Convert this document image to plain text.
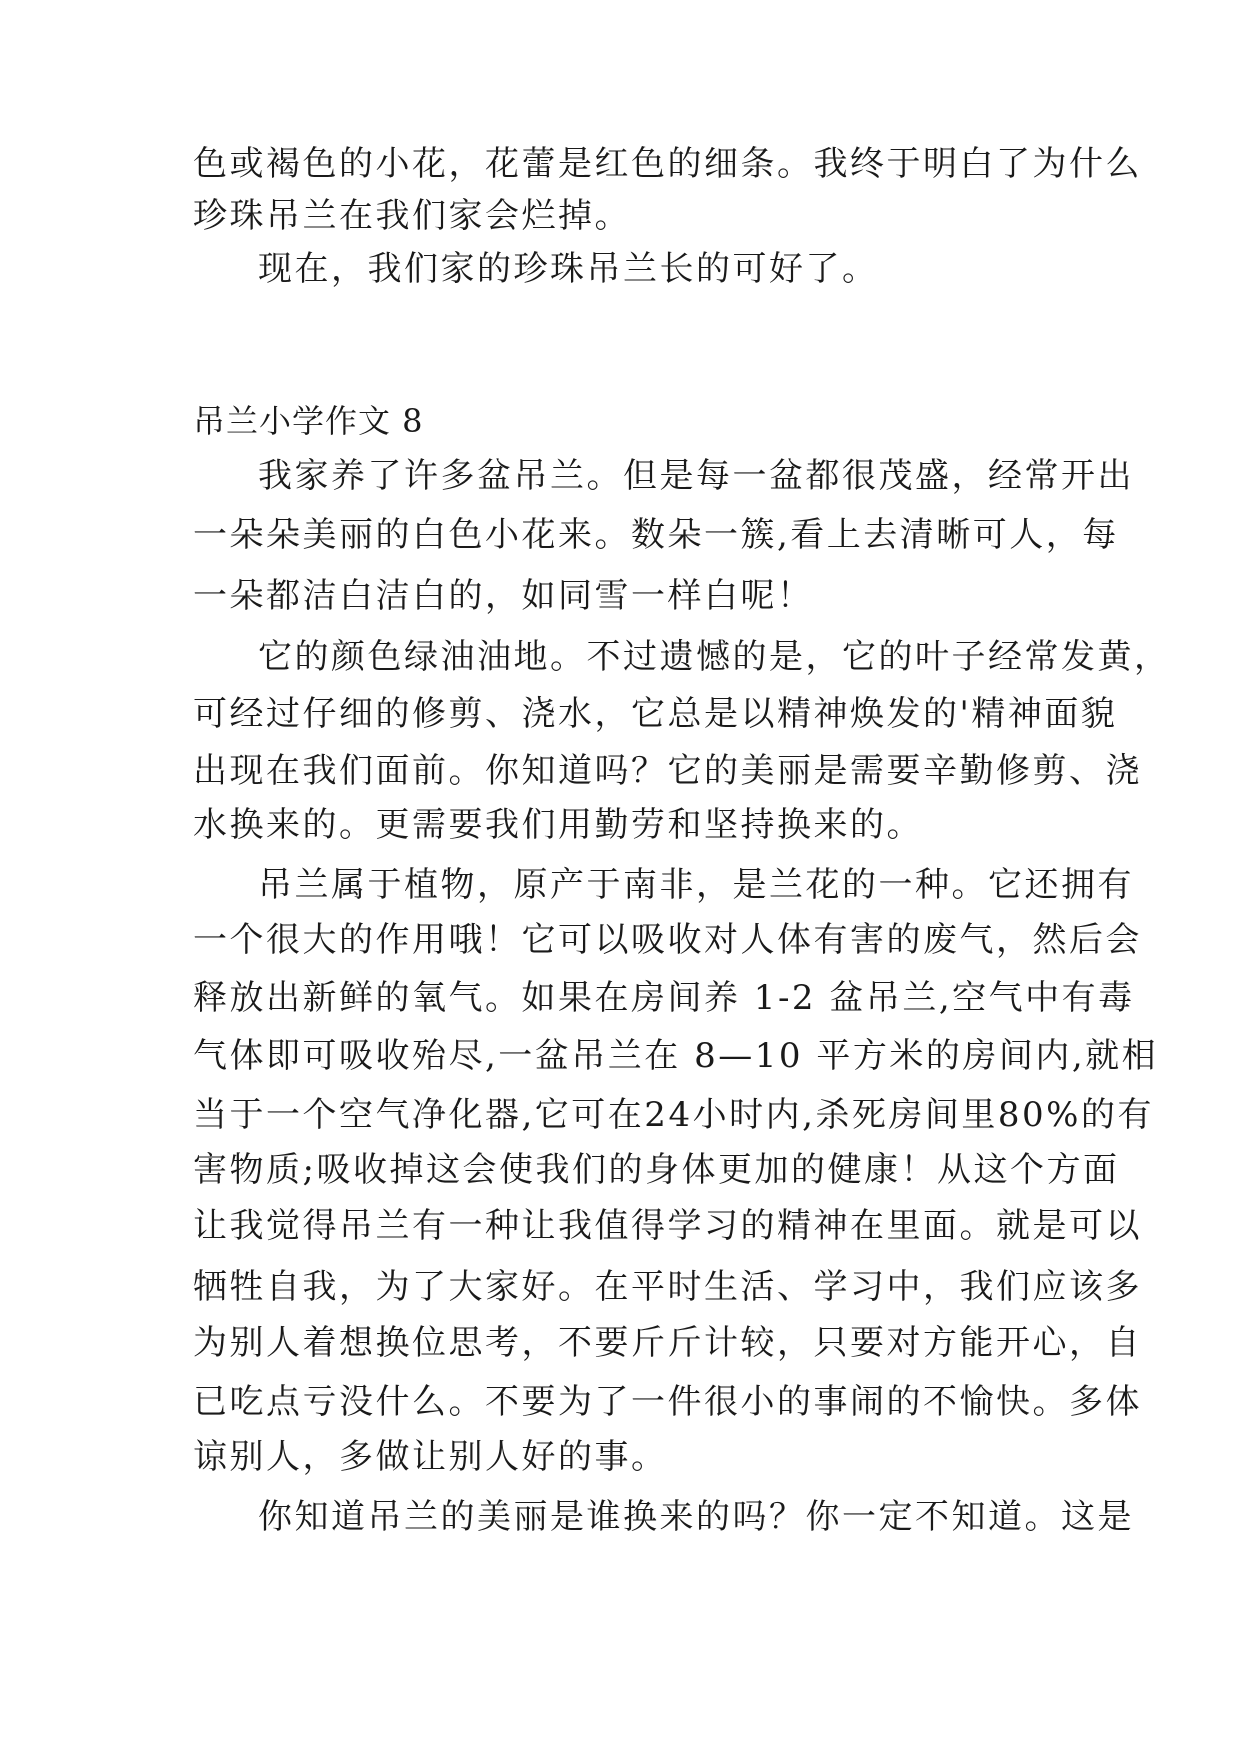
色或褐色的小花，花蕾是红色的细条。我终于明白了为什么
珍珠吊兰在我们家会烂掉。
现在，我们家的珍珠吊兰长的可好了。
吊兰小学作文 8
我家养了许多盆吊兰。但是每一盆都很茂盛，经常开出
一朵朵美丽的白色小花来。数朵一簇,看上去清晰可人，每
一朵都洁白洁白的，如同雪一样白呢！
它的颜色绿油油地。不过遗憾的是，它的叶子经常发黄，
可经过仔细的修剪、浇水，它总是以精神焕发的'精神面貌
出现在我们面前。你知道吗？它的美丽是需要辛勤修剪、浇
水换来的。更需要我们用勤劳和坚持换来的。
吊兰属于植物，原产于南非，是兰花的一种。它还拥有
一个很大的作用哦！它可以吸收对人体有害的废气，然后会
释放出新鲜的氧气。如果在房间养 1-2 盆吊兰,空气中有毒
气体即可吸收殆尽,一盆吊兰在 8—10 平方米的房间内,就相
当于一个空气净化器,它可在24小时内,杀死房间里80%的有
害物质;吸收掉这会使我们的身体更加的健康！从这个方面
让我觉得吊兰有一种让我值得学习的精神在里面。就是可以
牺牲自我，为了大家好。在平时生活、学习中，我们应该多
为别人着想换位思考，不要斤斤计较，只要对方能开心，自
已吃点亏没什么。不要为了一件很小的事闹的不愉快。多体
谅别人，多做让别人好的事。
你知道吊兰的美丽是谁换来的吗？你一定不知道。这是
